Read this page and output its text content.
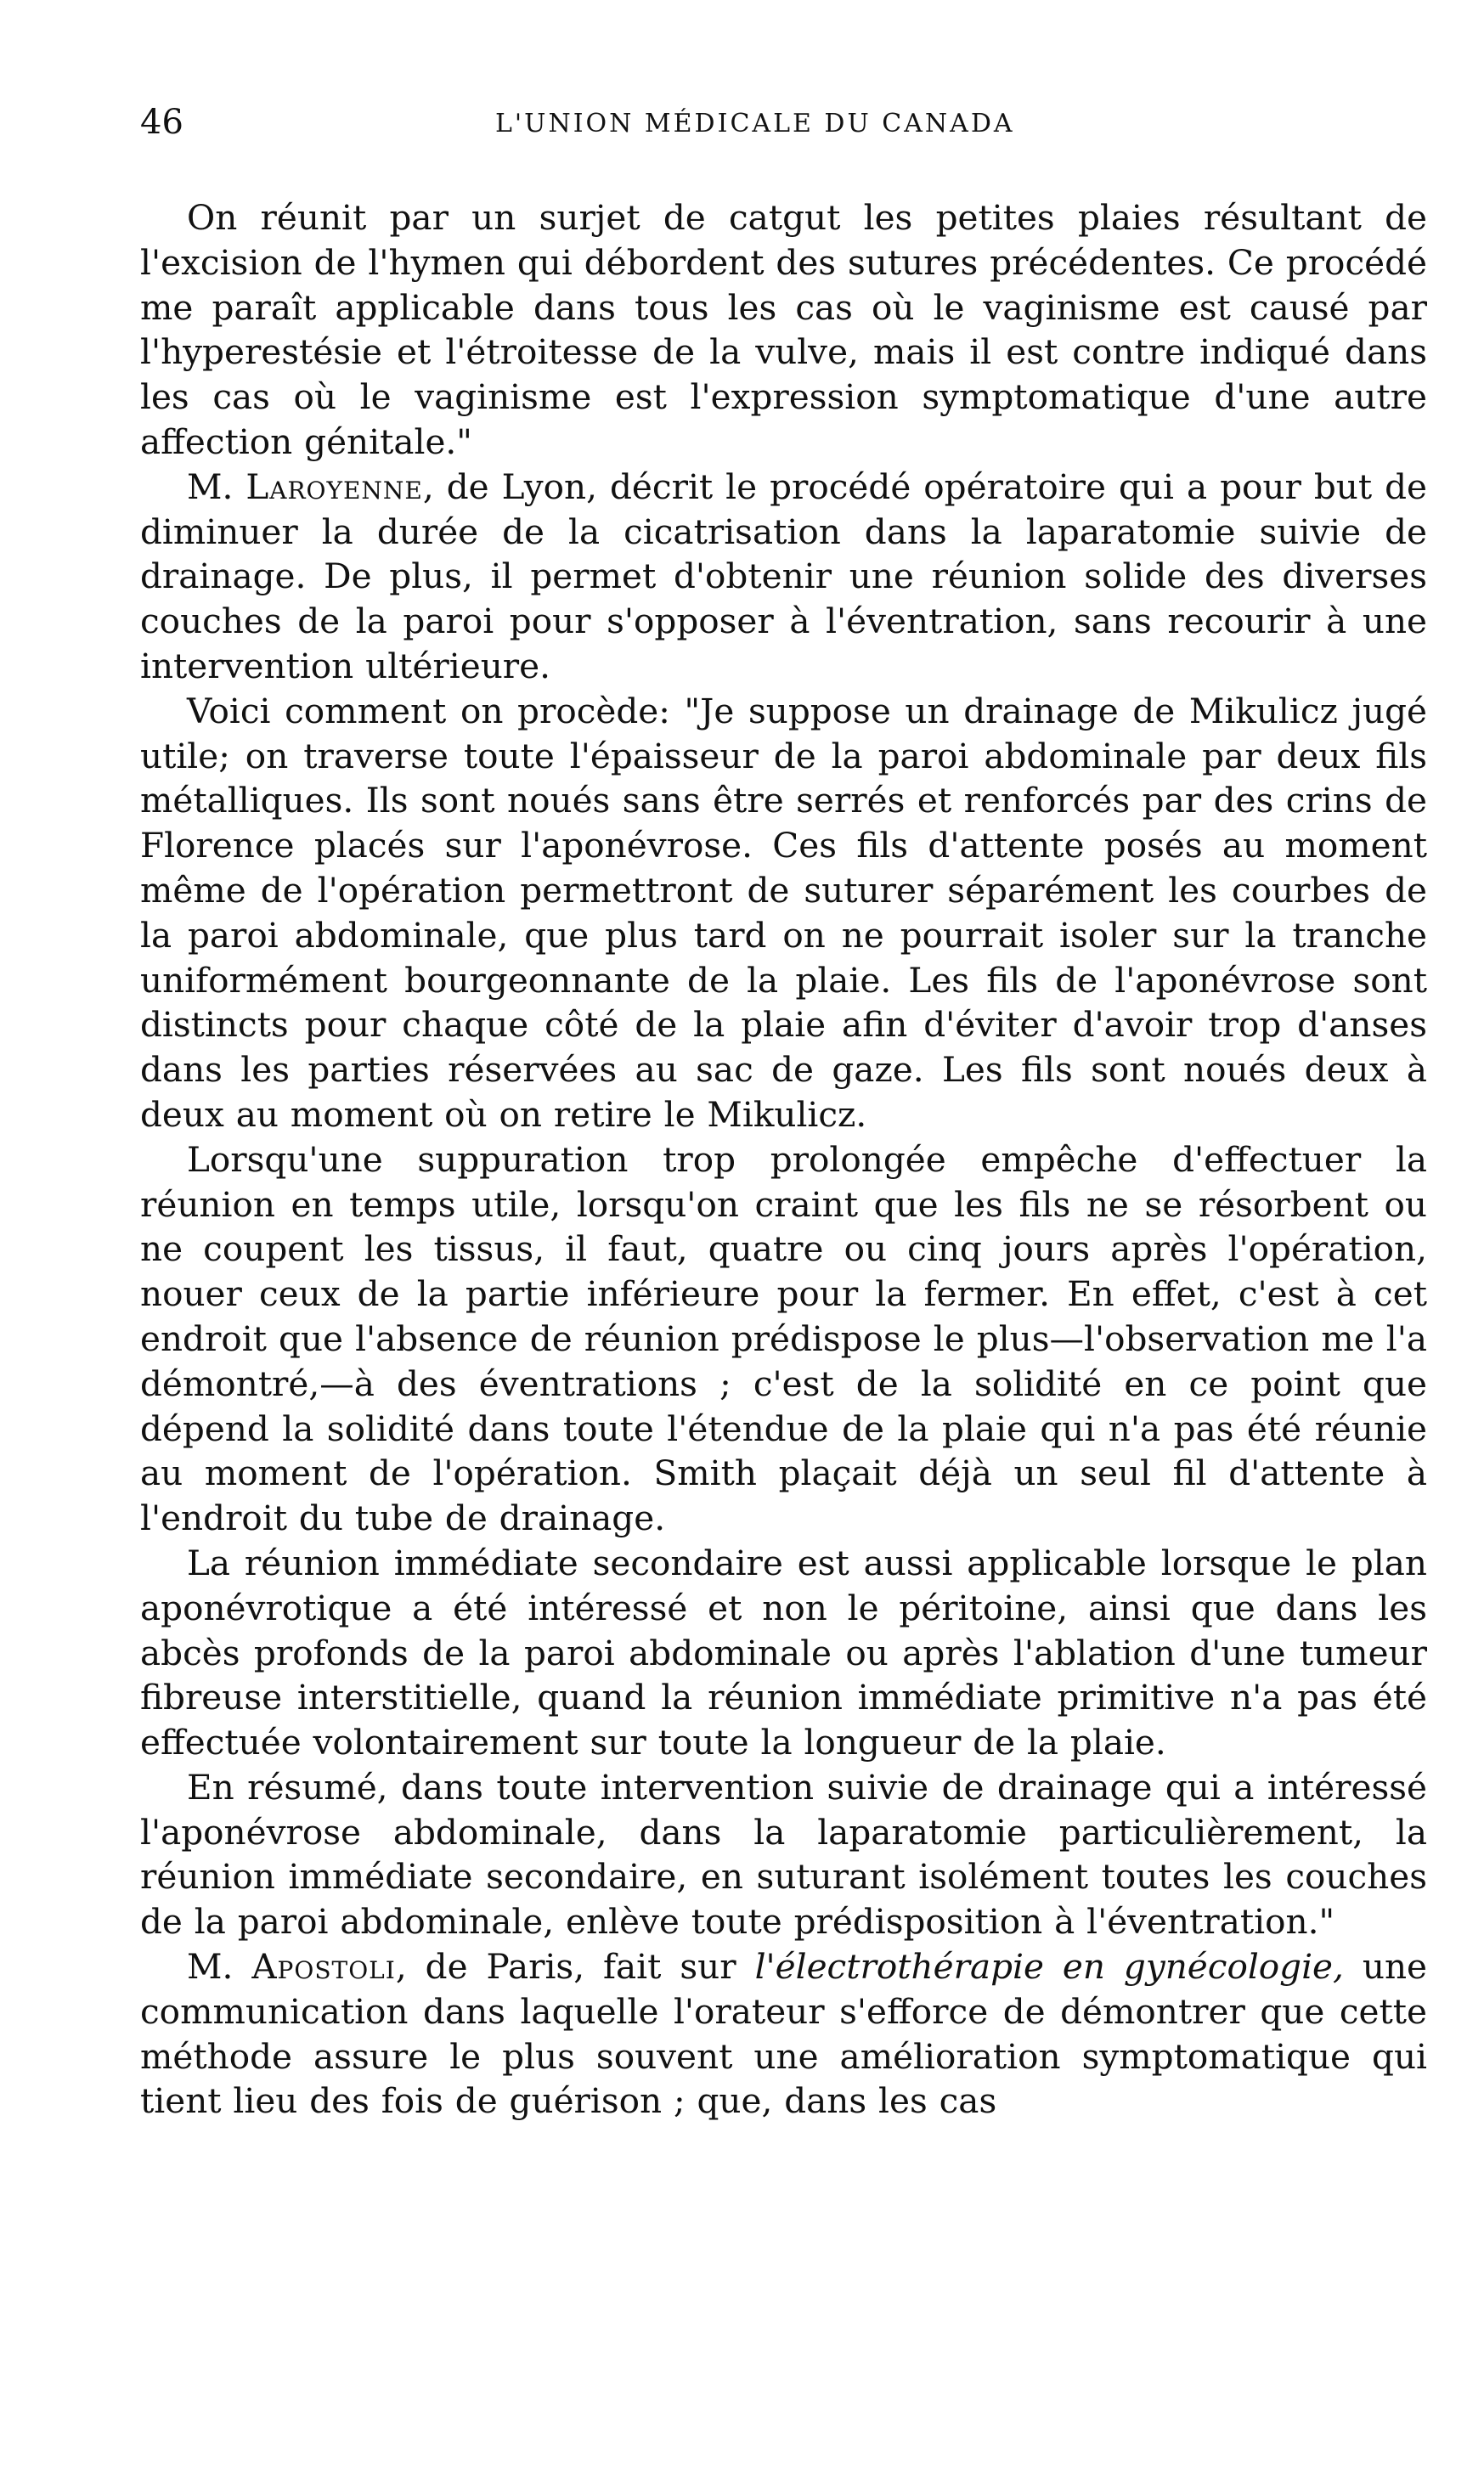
46	L'UNION MÉDICALE DU CANADA

On réunit par un surjet de catgut les petites plaies résultant de l'excision de l'hymen qui débordent des sutures précédentes. Ce procédé me paraît applicable dans tous les cas où le vaginisme est causé par l'hyperestésie et l'étroitesse de la vulve, mais il est contre indiqué dans les cas où le vaginisme est l'expression symptomatique d'une autre affection génitale."

M. Laroyenne, de Lyon, décrit le procédé opératoire qui a pour but de diminuer la durée de la cicatrisation dans la laparatomie suivie de drainage. De plus, il permet d'obtenir une réunion solide des diverses couches de la paroi pour s'opposer à l'éventration, sans recourir à une intervention ultérieure.

Voici comment on procède: "Je suppose un drainage de Mikulicz jugé utile; on traverse toute l'épaisseur de la paroi abdominale par deux fils métalliques. Ils sont noués sans être serrés et renforcés par des crins de Florence placés sur l'aponévrose. Ces fils d'attente posés au moment même de l'opération permettront de suturer séparément les courbes de la paroi abdominale, que plus tard on ne pourrait isoler sur la tranche uniformément bourgeonnante de la plaie. Les fils de l'aponévrose sont distincts pour chaque côté de la plaie afin d'éviter d'avoir trop d'anses dans les parties réservées au sac de gaze. Les fils sont noués deux à deux au moment où on retire le Mikulicz.

Lorsqu'une suppuration trop prolongée empêche d'effectuer la réunion en temps utile, lorsqu'on craint que les fils ne se résorbent ou ne coupent les tissus, il faut, quatre ou cinq jours après l'opération, nouer ceux de la partie inférieure pour la fermer. En effet, c'est à cet endroit que l'absence de réunion prédispose le plus—l'observation me l'a démontré,—à des éventrations ; c'est de la solidité en ce point que dépend la solidité dans toute l'étendue de la plaie qui n'a pas été réunie au moment de l'opération. Smith plaçait déjà un seul fil d'attente à l'endroit du tube de drainage.

La réunion immédiate secondaire est aussi applicable lorsque le plan aponévrotique a été intéressé et non le péritoine, ainsi que dans les abcès profonds de la paroi abdominale ou après l'ablation d'une tumeur fibreuse interstitielle, quand la réunion immédiate primitive n'a pas été effectuée volontairement sur toute la longueur de la plaie.

En résumé, dans toute intervention suivie de drainage qui a intéressé l'aponévrose abdominale, dans la laparatomie particulièrement, la réunion immédiate secondaire, en suturant isolément toutes les couches de la paroi abdominale, enlève toute prédisposition à l'éventration."

M. Apostoli, de Paris, fait sur l'électrothérapie en gynécologie, une communication dans laquelle l'orateur s'efforce de démontrer que cette méthode assure le plus souvent une amélioration symptomatique qui tient lieu des fois de guérison ; que, dans les cas
